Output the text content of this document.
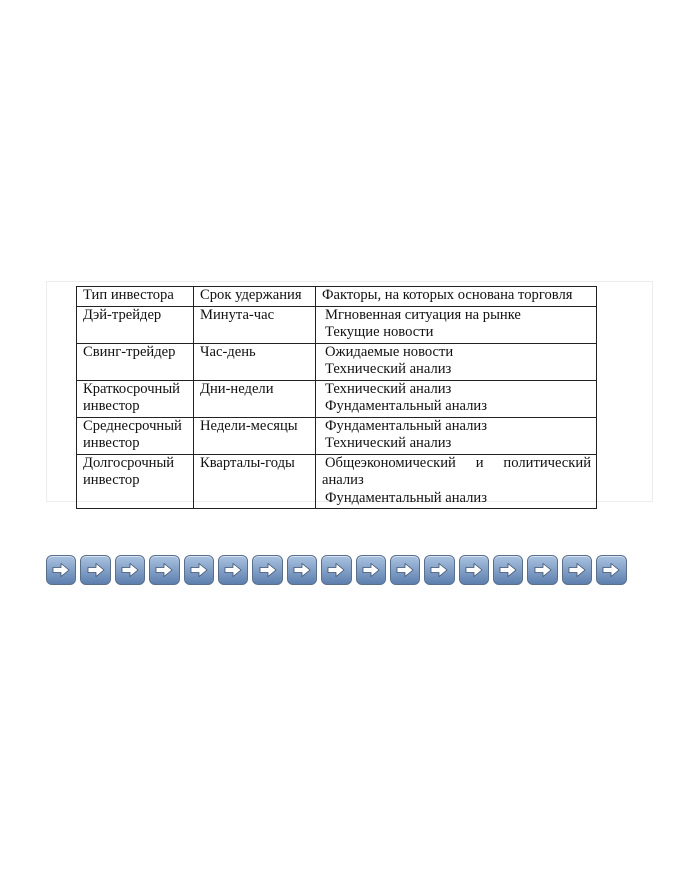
Тип инвестора	Срок удержания	Факторы, на которых основана торговля
Дэй-трейдер	Минута-час	Мгновенная ситуация на рынке
Текущие новости

Свинг-трейдер	Час-день	Ожидаемые новости
Технический анализ

Краткосрочный
инвестор	Дни-недели	Технический анализ
Фундаментальный анализ

Среднесрочный
инвестор	Недели-месяцы	Фундаментальный анализ
Технический анализ

Долгосрочный
инвестор	Кварталы-годы	Общеэкономический и политический
анализ
Фундаментальный анализ
